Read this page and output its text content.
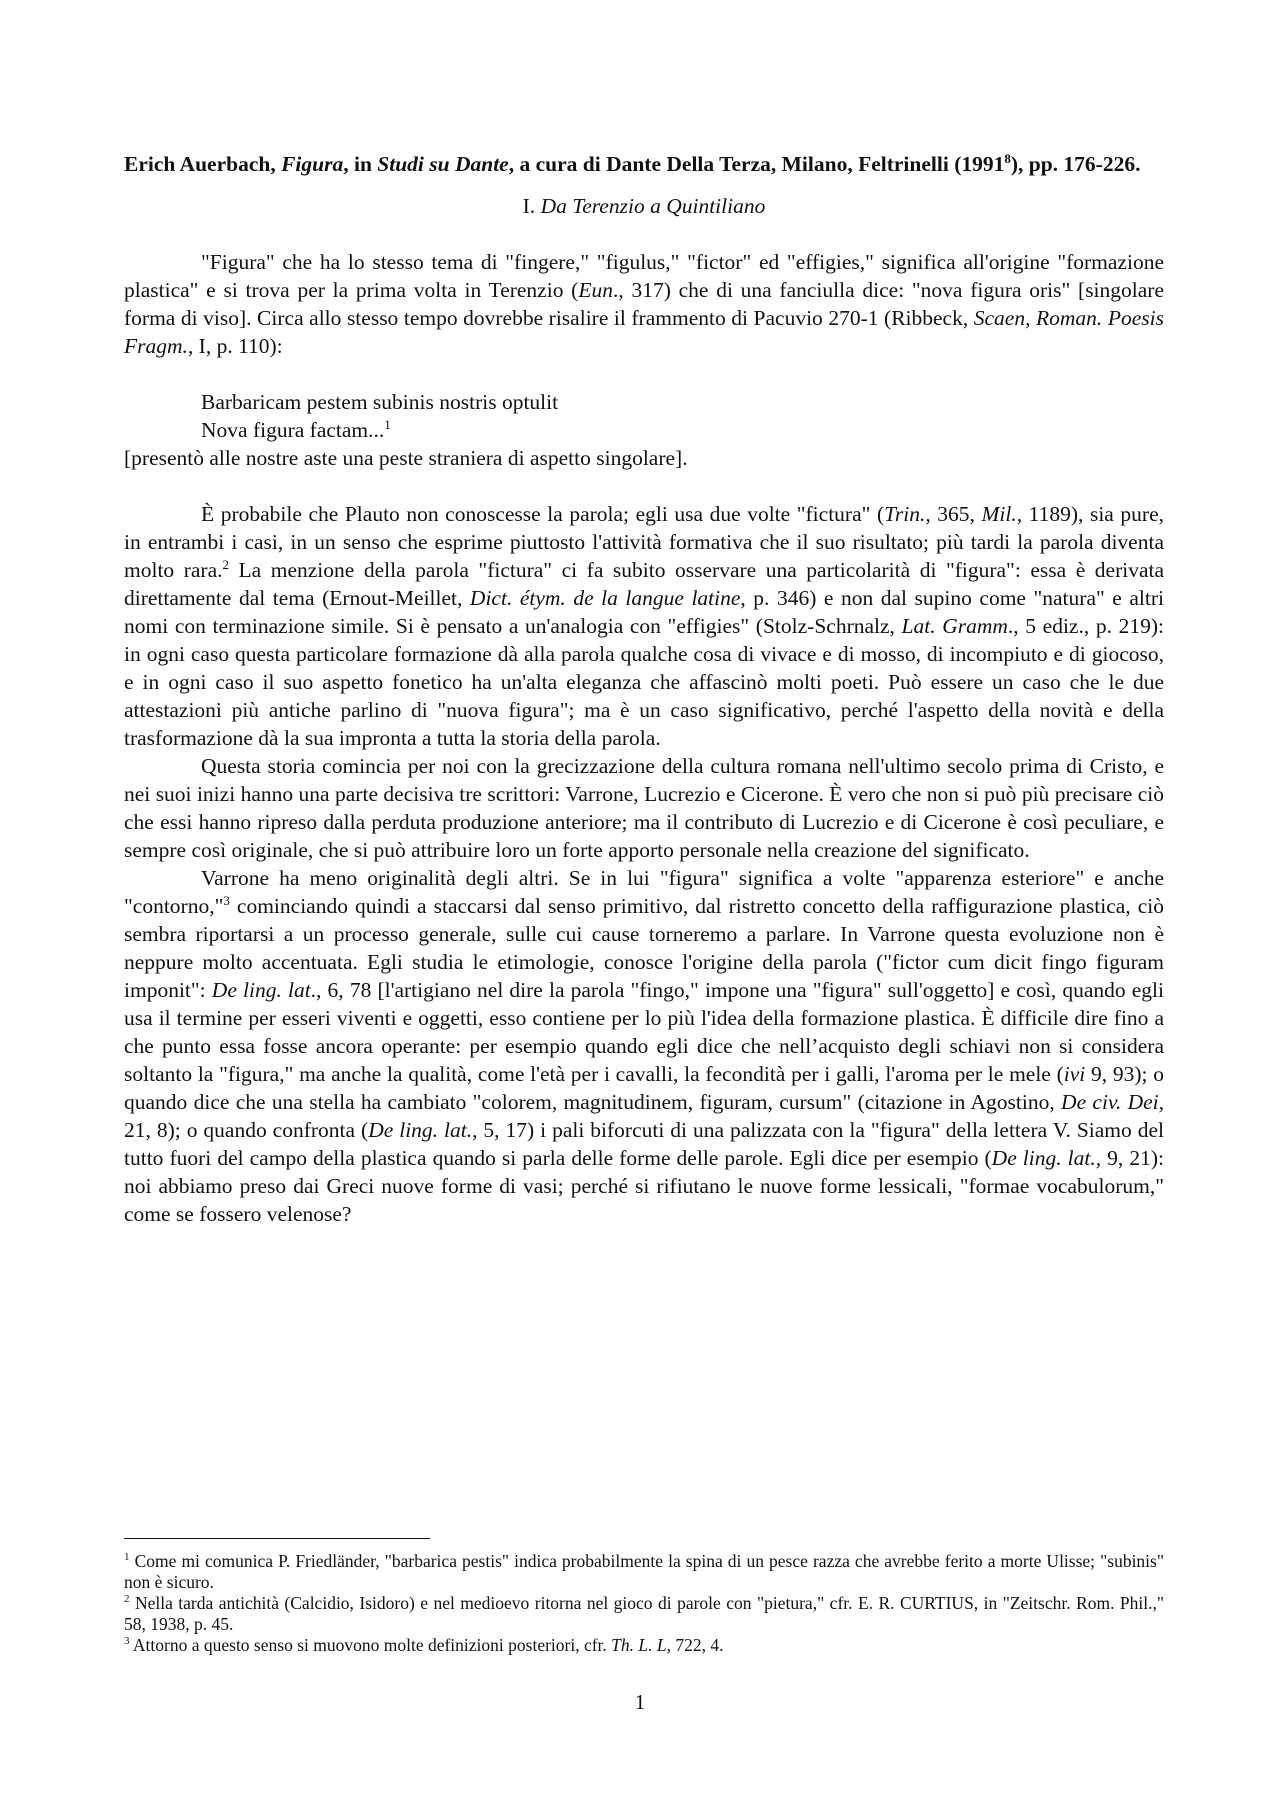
Erich Auerbach, Figura, in Studi su Dante, a cura di Dante Della Terza, Milano, Feltrinelli (1991$^8$), pp. 176-226.

I. Da Terenzio a Quintiliano

"Figura" che ha lo stesso tema di "fingere," "figulus," "fictor" ed "effigies," significa all'origine "formazione plastica" e si trova per la prima volta in Terenzio (Eun., 317) che di una fanciulla dice: "nova figura oris" [singolare forma di viso]. Circa allo stesso tempo dovrebbe risalire il frammento di Pacuvio 270-1 (Ribbeck, Scaen, Roman. Poesis Fragm., I, p. 110):

Barbaricam pestem subinis nostris optulit
Nova figura factam...$^1$

[presentò alle nostre aste una peste straniera di aspetto singolare].

È probabile che Plauto non conoscesse la parola; egli usa due volte "fictura" (Trin., 365, Mil., 1189), sia pure, in entrambi i casi, in un senso che esprime piuttosto l'attività formativa che il suo risultato; più tardi la parola diventa molto rara.$^2$ La menzione della parola "fictura" ci fa subito osservare una particolarità di "figura": essa è derivata direttamente dal tema (Ernout-Meillet, Dict. étym. de la langue latine, p. 346) e non dal supino come "natura" e altri nomi con terminazione simile. Si è pensato a un'analogia con "effigies" (Stolz-Schrnalz, Lat. Gramm., 5 ediz., p. 219): in ogni caso questa particolare formazione dà alla parola qualche cosa di vivace e di mosso, di incompiuto e di giocoso, e in ogni caso il suo aspetto fonetico ha un'alta eleganza che affascinò molti poeti. Può essere un caso che le due attestazioni più antiche parlino di "nuova figura"; ma è un caso significativo, perché l'aspetto della novità e della trasformazione dà la sua impronta a tutta la storia della parola.

Questa storia comincia per noi con la grecizzazione della cultura romana nell'ultimo secolo prima di Cristo, e nei suoi inizi hanno una parte decisiva tre scrittori: Varrone, Lucrezio e Cicerone. È vero che non si può più precisare ciò che essi hanno ripreso dalla perduta produzione anteriore; ma il contributo di Lucrezio e di Cicerone è così peculiare, e sempre così originale, che si può attribuire loro un forte apporto personale nella creazione del significato.

Varrone ha meno originalità degli altri. Se in lui "figura" significa a volte "apparenza esteriore" e anche "contorno,"$^3$ cominciando quindi a staccarsi dal senso primitivo, dal ristretto concetto della raffigurazione plastica, ciò sembra riportarsi a un processo generale, sulle cui cause torneremo a parlare. In Varrone questa evoluzione non è neppure molto accentuata. Egli studia le etimologie, conosce l'origine della parola ("fictor cum dicit fingo figuram imponit": De ling. lat., 6, 78 [l'artigiano nel dire la parola "fingo," impone una "figura" sull'oggetto] e così, quando egli usa il termine per esseri viventi e oggetti, esso contiene per lo più l'idea della formazione plastica. È difficile dire fino a che punto essa fosse ancora operante: per esempio quando egli dice che nell’acquisto degli schiavi non si considera soltanto la "figura," ma anche la qualità, come l'età per i cavalli, la fecondità per i galli, l'aroma per le mele (ivi 9, 93); o quando dice che una stella ha cambiato "colorem, magnitudinem, figuram, cursum" (citazione in Agostino, De civ. Dei, 21, 8); o quando confronta (De ling. lat., 5, 17) i pali biforcuti di una palizzata con la "figura" della lettera V. Siamo del tutto fuori del campo della plastica quando si parla delle forme delle parole. Egli dice per esempio (De ling. lat., 9, 21): noi abbiamo preso dai Greci nuove forme di vasi; perché si rifiutano le nuove forme lessicali, "formae vocabulorum," come se fossero velenose?

$^1$ Come mi comunica P. Friedländer, "barbarica pestis" indica probabilmente la spina di un pesce razza che avrebbe ferito a morte Ulisse; "subinis" non è sicuro.

$^2$ Nella tarda antichità (Calcidio, Isidoro) e nel medioevo ritorna nel gioco di parole con "pietura," cfr. E. R. CURTIUS, in "Zeitschr. Rom. Phil.," 58, 1938, p. 45.

$^3$ Attorno a questo senso si muovono molte definizioni posteriori, cfr. Th. L. L, 722, 4.

1
